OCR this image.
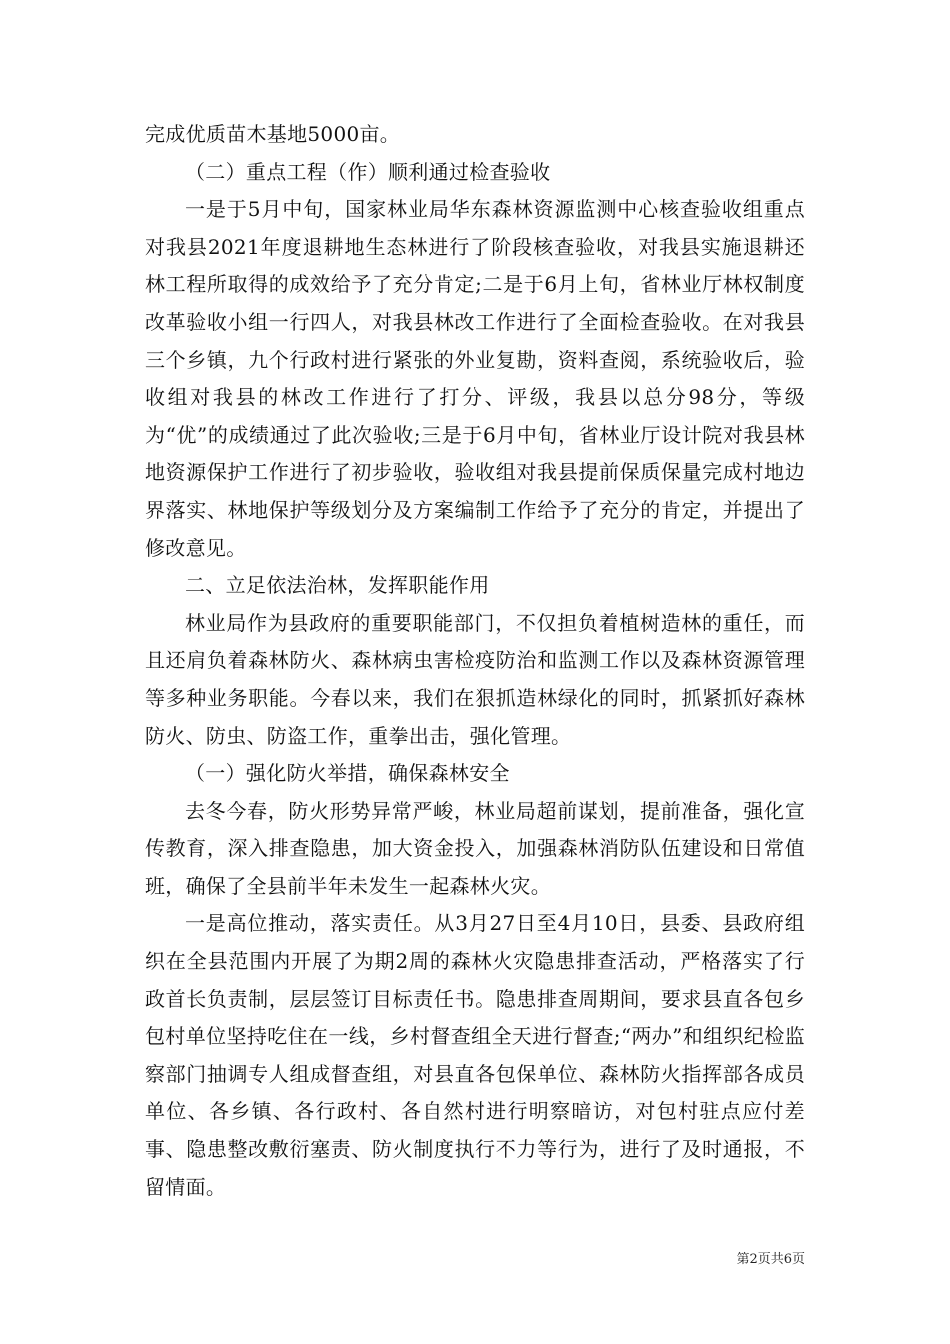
完成优质苗木基地5000亩。

（二）重点工程（作）顺利通过检查验收

一是于5月中旬，国家林业局华东森林资源监测中心核查验收组重点对我县2021年度退耕地生态林进行了阶段核查验收，对我县实施退耕还林工程所取得的成效给予了充分肯定;二是于6月上旬，省林业厅林权制度改革验收小组一行四人，对我县林改工作进行了全面检查验收。在对我县三个乡镇，九个行政村进行紧张的外业复勘，资料查阅，系统验收后，验收组对我县的林改工作进行了打分、评级，我县以总分98分，等级为“优”的成绩通过了此次验收;三是于6月中旬，省林业厅设计院对我县林地资源保护工作进行了初步验收，验收组对我县提前保质保量完成村地边界落实、林地保护等级划分及方案编制工作给予了充分的肯定，并提出了修改意见。

二、立足依法治林，发挥职能作用

林业局作为县政府的重要职能部门，不仅担负着植树造林的重任，而且还肩负着森林防火、森林病虫害检疫防治和监测工作以及森林资源管理等多种业务职能。今春以来，我们在狠抓造林绿化的同时，抓紧抓好森林防火、防虫、防盗工作，重拳出击，强化管理。

（一）强化防火举措，确保森林安全

去冬今春，防火形势异常严峻，林业局超前谋划，提前准备，强化宣传教育，深入排查隐患，加大资金投入，加强森林消防队伍建设和日常值班，确保了全县前半年未发生一起森林火灾。

一是高位推动，落实责任。从3月27日至4月10日，县委、县政府组织在全县范围内开展了为期2周的森林火灾隐患排查活动，严格落实了行政首长负责制，层层签订目标责任书。隐患排查周期间，要求县直各包乡包村单位坚持吃住在一线，乡村督查组全天进行督查;“两办”和组织纪检监察部门抽调专人组成督查组，对县直各包保单位、森林防火指挥部各成员单位、各乡镇、各行政村、各自然村进行明察暗访，对包村驻点应付差事、隐患整改敷衍塞责、防火制度执行不力等行为，进行了及时通报，不留情面。

第2页共6页
